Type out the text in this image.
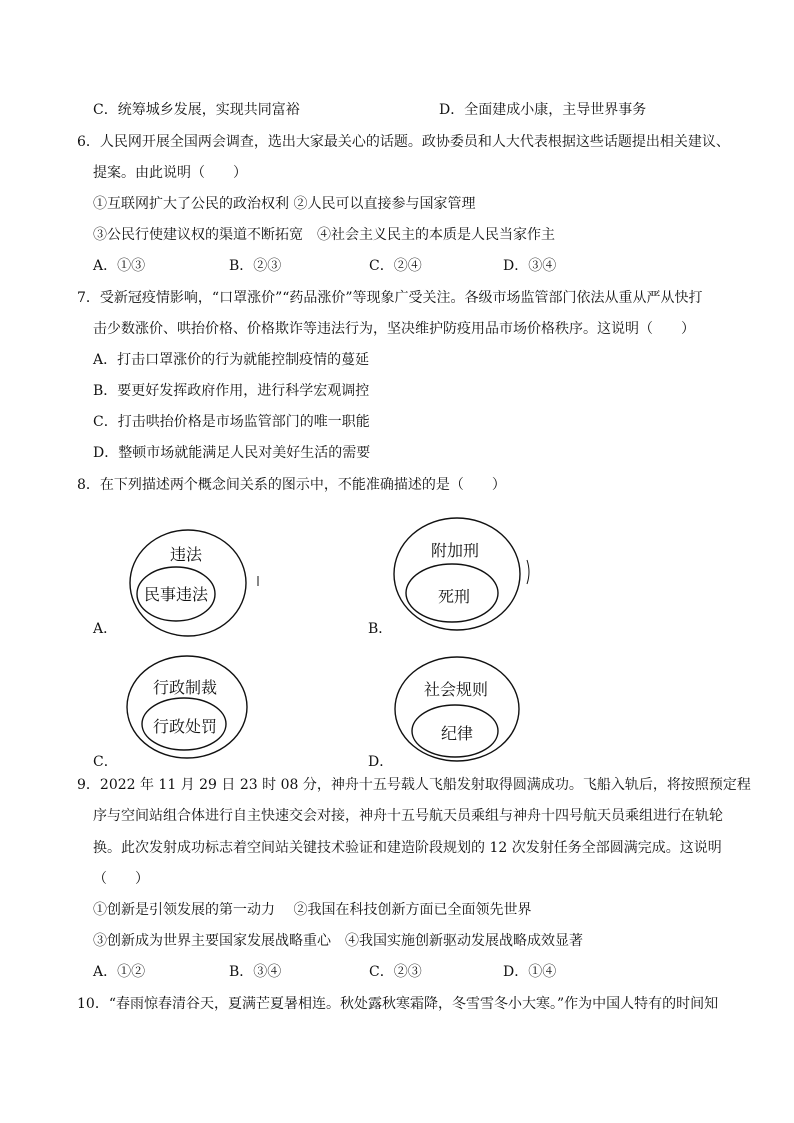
C．统筹城乡发展，实现共同富裕	D．全面建成小康，主导世界事务
6．人民网开展全国两会调查，选出大家最关心的话题。政协委员和人大代表根据这些话题提出相关建议、
提案。由此说明（　　）
①互联网扩大了公民的政治权利 ②人民可以直接参与国家管理
③公民行使建议权的渠道不断拓宽　④社会主义民主的本质是人民当家作主
A．①③	B．②③	C．②④	D．③④
7．受新冠疫情影响，“口罩涨价”“药品涨价”等现象广受关注。各级市场监管部门依法从重从严从快打
击少数涨价、哄抬价格、价格欺诈等违法行为，坚决维护防疫用品市场价格秩序。这说明（　　）
A．打击口罩涨价的行为就能控制疫情的蔓延
B．要更好发挥政府作用，进行科学宏观调控
C．打击哄抬价格是市场监管部门的唯一职能
D．整顿市场就能满足人民对美好生活的需要
8．在下列描述两个概念间关系的图示中，不能准确描述的是（　　）
违法
民事违法
A．
附加刑
死刑
B．
行政制裁
行政处罚
C．
社会规则
纪律
D．
9．2022 年 11 月 29 日 23 时 08 分，神舟十五号载人飞船发射取得圆满成功。飞船入轨后，将按照预定程
序与空间站组合体进行自主快速交会对接，神舟十五号航天员乘组与神舟十四号航天员乘组进行在轨轮
换。此次发射成功标志着空间站关键技术验证和建造阶段规划的 12 次发射任务全部圆满完成。这说明
（　　）
①创新是引领发展的第一动力　 ②我国在科技创新方面已全面领先世界
③创新成为世界主要国家发展战略重心　④我国实施创新驱动发展战略成效显著
A．①②	B．③④	C．②③	D．①④
10．“春雨惊春清谷天，夏满芒夏暑相连。秋处露秋寒霜降，冬雪雪冬小大寒。”作为中国人特有的时间知
